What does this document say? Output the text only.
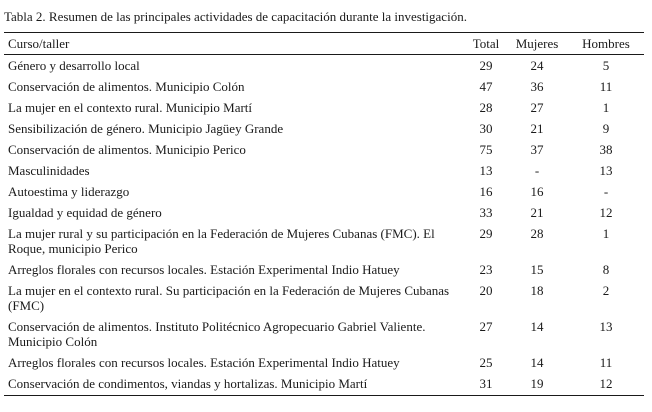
Tabla 2. Resumen de las principales actividades de capacitación durante la investigación.
Curso/taller	Total	Mujeres	Hombres
Género y desarrollo local	29	24	5
Conservación de alimentos. Municipio Colón	47	36	11
La mujer en el contexto rural. Municipio Martí	28	27	1
Sensibilización de género. Municipio Jagüey Grande	30	21	9
Conservación de alimentos. Municipio Perico	75	37	38
Masculinidades	13	-	13
Autoestima y liderazgo	16	16	-
Igualdad y equidad de género	33	21	12
La mujer rural y su participación en la Federación de Mujeres Cubanas (FMC). El Roque, municipio Perico	29	28	1
Arreglos florales con recursos locales. Estación Experimental Indio Hatuey	23	15	8
La mujer en el contexto rural. Su participación en la Federación de Mujeres Cubanas (FMC)	20	18	2
Conservación de alimentos. Instituto Politécnico Agropecuario Gabriel Valiente. Municipio Colón	27	14	13
Arreglos florales con recursos locales. Estación Experimental Indio Hatuey	25	14	11
Conservación de condimentos, viandas y hortalizas. Municipio Martí	31	19	12
